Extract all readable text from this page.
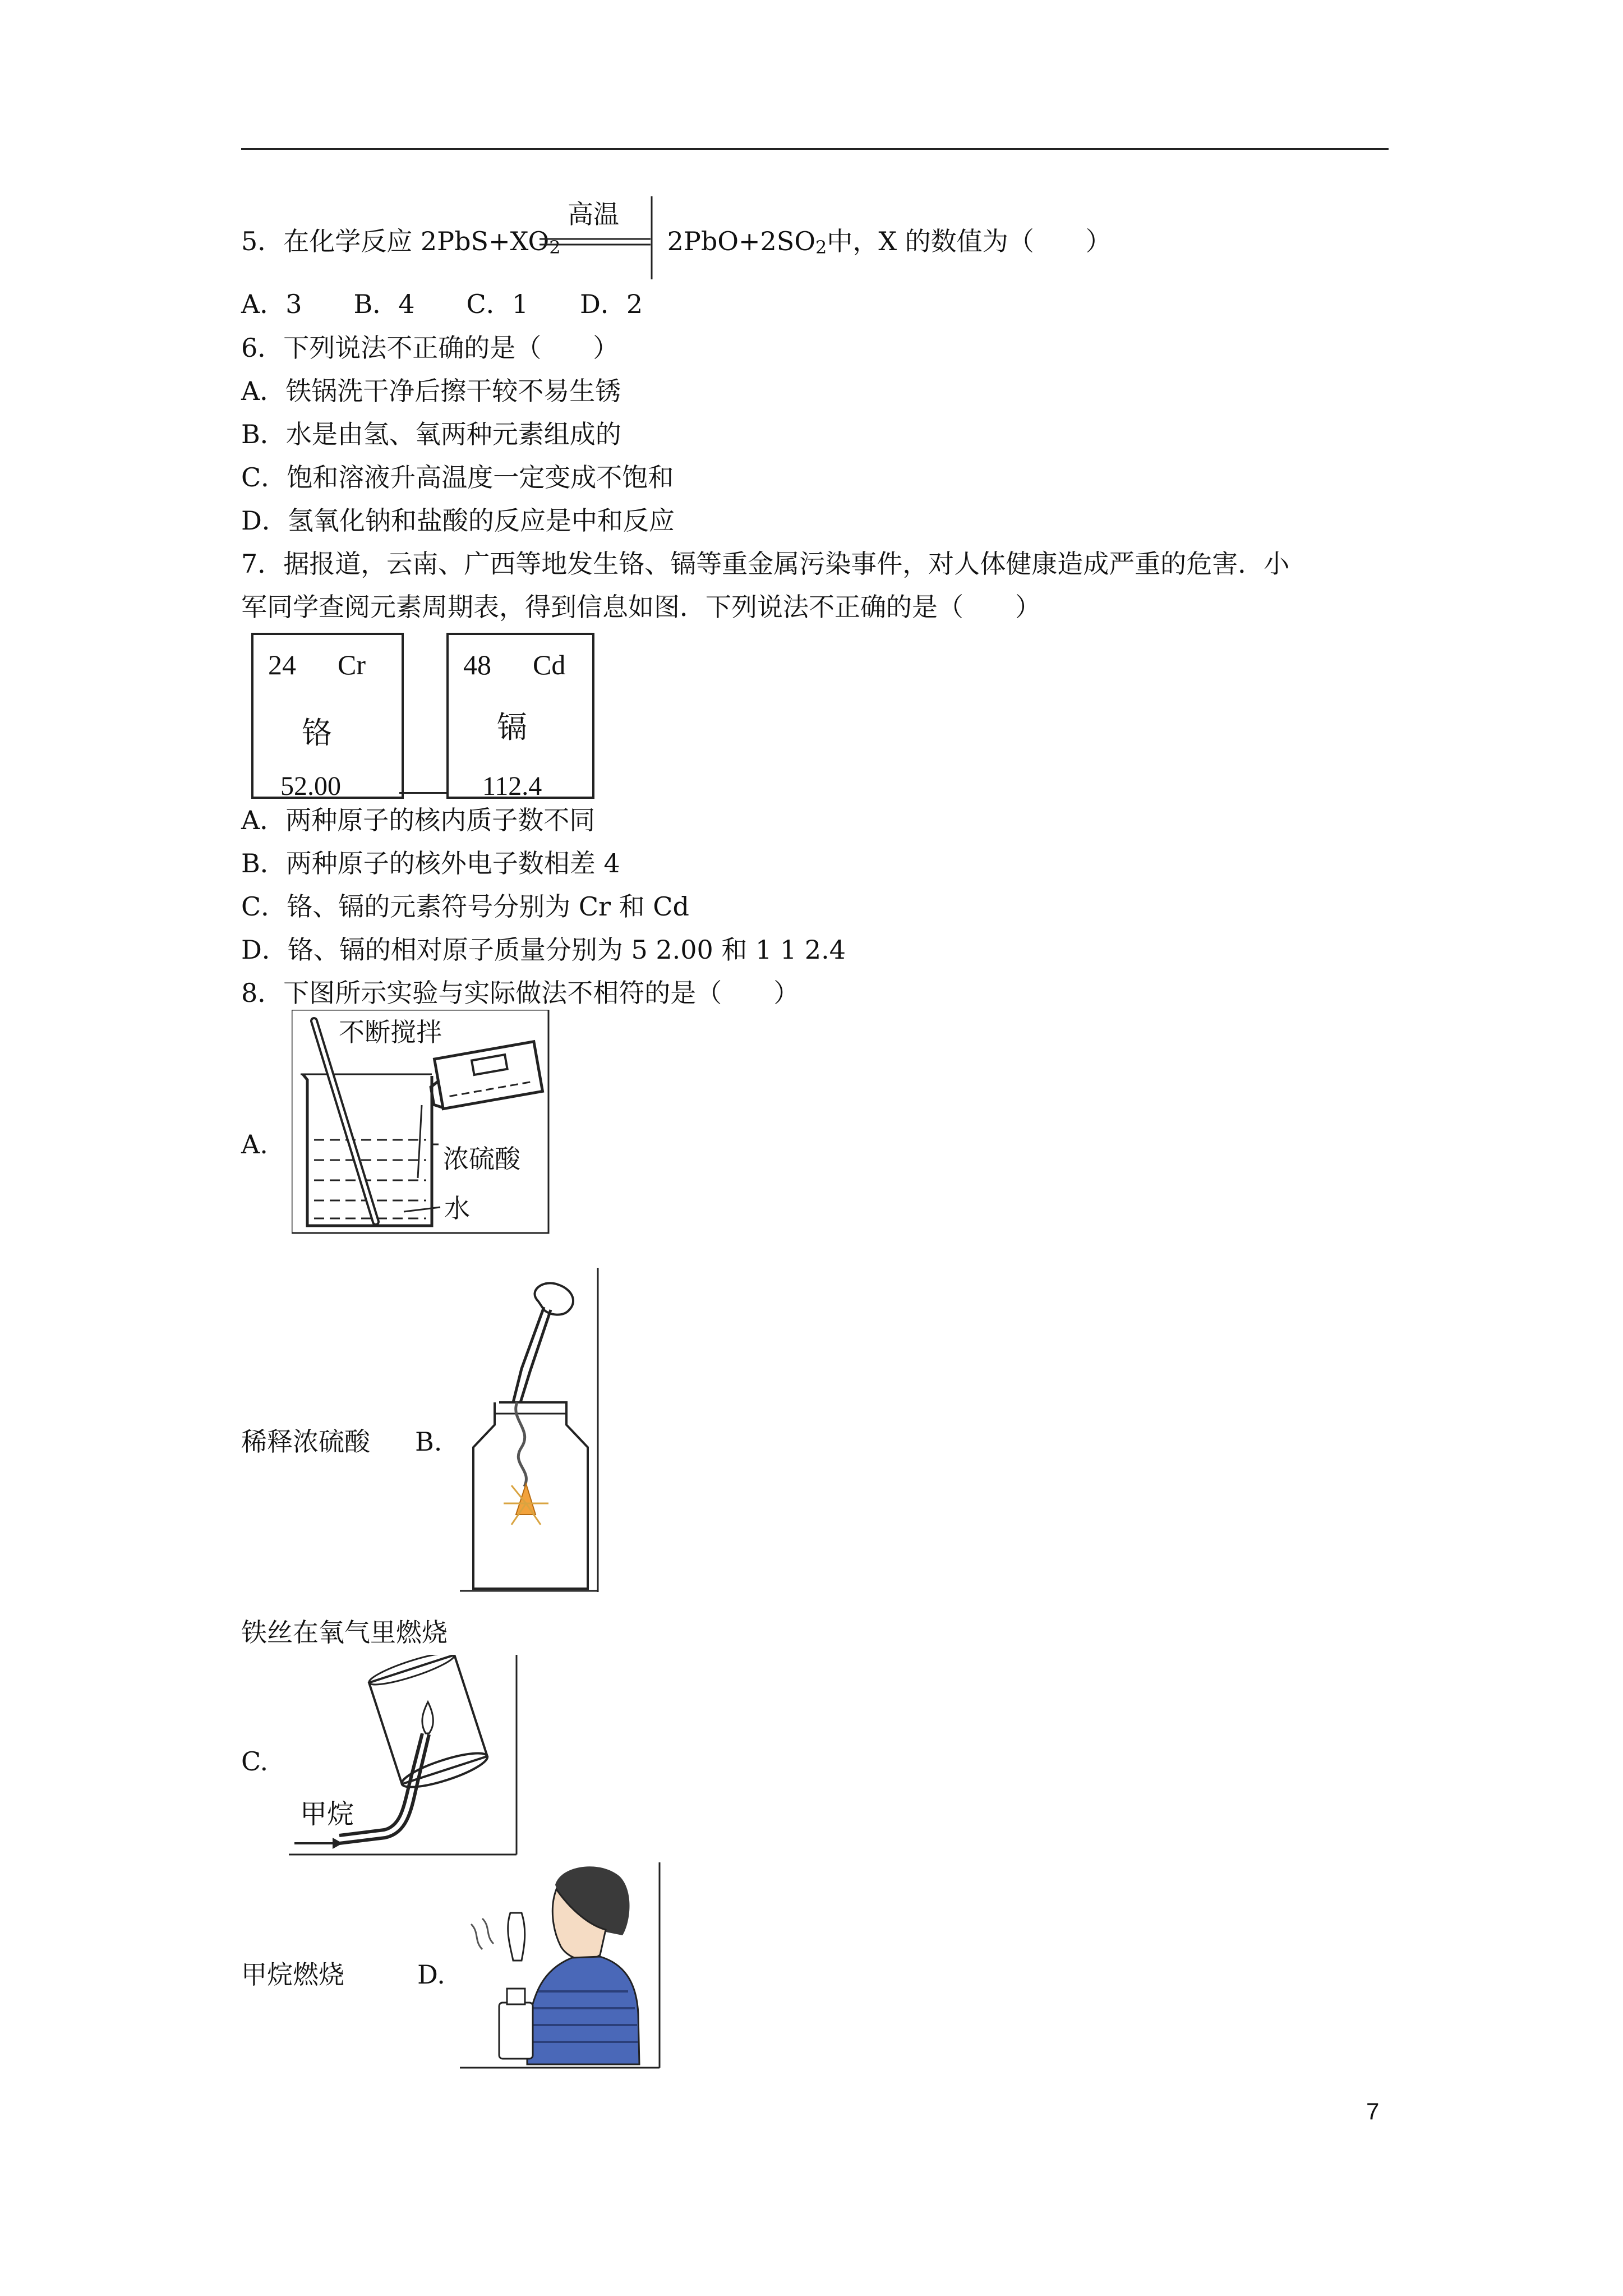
5．在化学反应 2PbS+XO2	2PbO+2SO2中，X 的数值为（　　）
高温
A．3　　B．4　　C．1　　D．2
6．下列说法不正确的是（　　）
A．铁锅洗干净后擦干较不易生锈
B．水是由氢、氧两种元素组成的
C．饱和溶液升高温度一定变成不饱和
D．氢氧化钠和盐酸的反应是中和反应
7．据报道，云南、广西等地发生铬、镉等重金属污染事件，对人体健康造成严重的危害．小
军同学查阅元素周期表，得到信息如图．下列说法不正确的是（　　）
24 Cr
铬
52.00
48 Cd
镉
112.4
A．两种原子的核内质子数不同
B．两种原子的核外电子数相差 4
C．铬、镉的元素符号分别为 Cr 和 Cd
D．铬、镉的相对原子质量分别为 5 2.00 和 1 1 2.4
8．下图所示实验与实际做法不相符的是（　　）
A.
不断搅拌
浓硫酸
水
稀释浓硫酸 B.
铁丝在氧气里燃烧
C.
甲烷
甲烷燃烧	D.
7
